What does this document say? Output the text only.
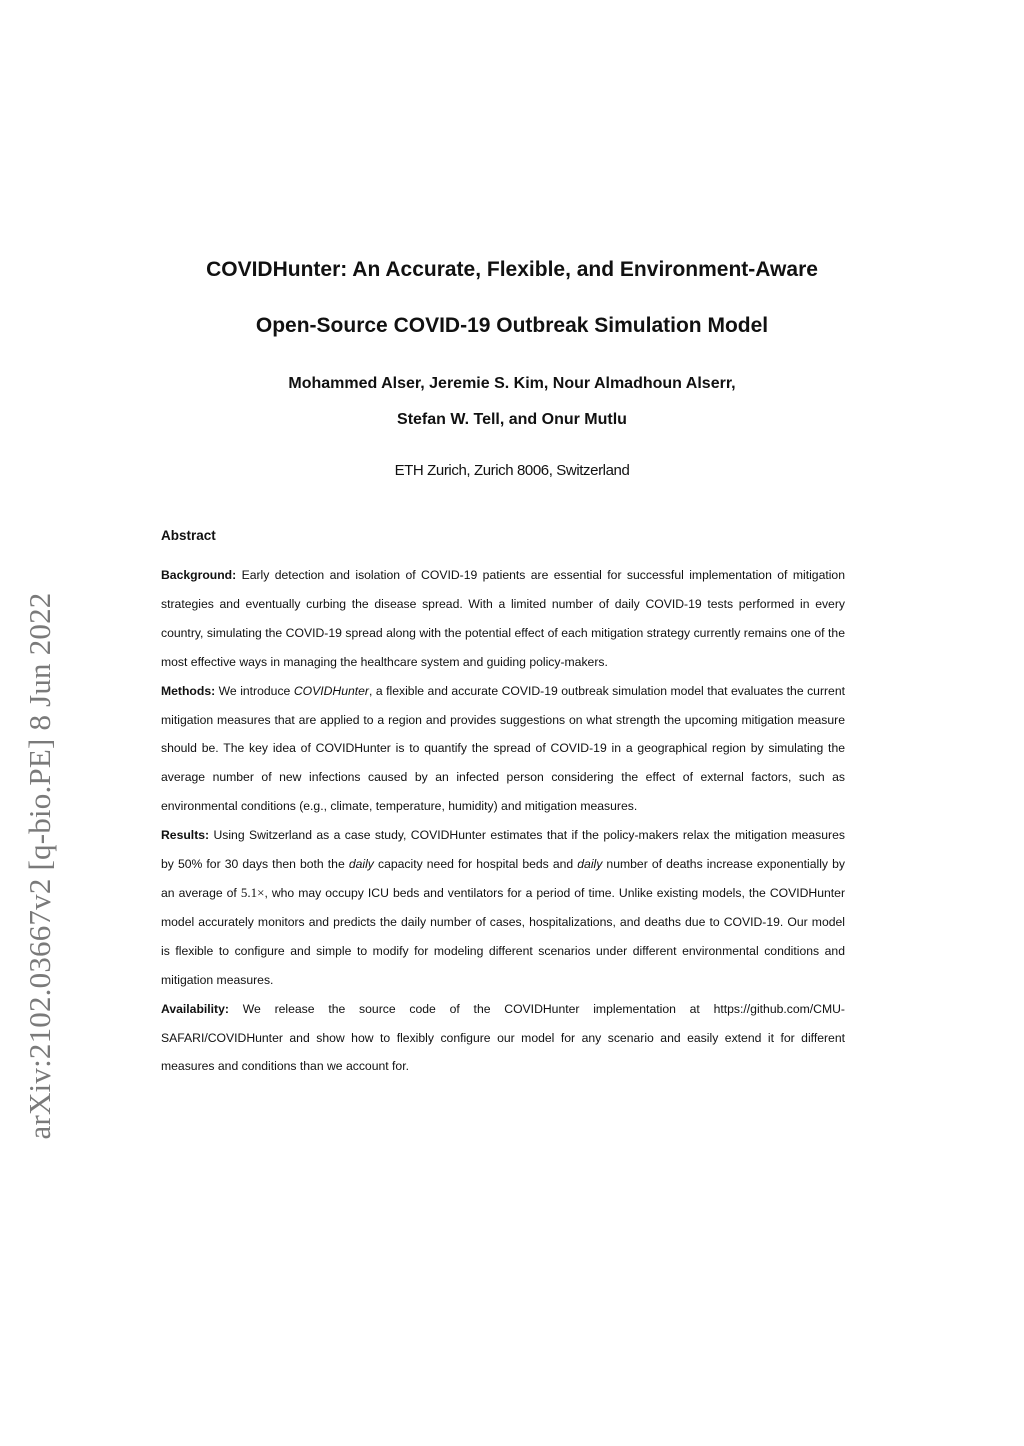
arXiv:2102.03667v2 [q-bio.PE] 8 Jun 2022
COVIDHunter: An Accurate, Flexible, and Environment-Aware
Open-Source COVID-19 Outbreak Simulation Model
Mohammed Alser, Jeremie S. Kim, Nour Almadhoun Alserr,
Stefan W. Tell, and Onur Mutlu
ETH Zurich, Zurich 8006, Switzerland
Abstract

Background: Early detection and isolation of COVID-19 patients are essential for successful implementation of mitigation strategies and eventually curbing the disease spread. With a limited number of daily COVID-19 tests performed in every country, simulating the COVID-19 spread along with the potential effect of each mitigation strategy currently remains one of the most effective ways in managing the healthcare system and guiding policy-makers.

Methods: We introduce COVIDHunter, a flexible and accurate COVID-19 outbreak simulation model that evaluates the current mitigation measures that are applied to a region and provides suggestions on what strength the upcoming mitigation measure should be. The key idea of COVIDHunter is to quantify the spread of COVID-19 in a geographical region by simulating the average number of new infections caused by an infected person considering the effect of external factors, such as environmental conditions (e.g., climate, temperature, humidity) and mitigation measures.

Results: Using Switzerland as a case study, COVIDHunter estimates that if the policy-makers relax the mitigation measures by 50% for 30 days then both the daily capacity need for hospital beds and daily number of deaths increase exponentially by an average of 5.1×, who may occupy ICU beds and ventilators for a period of time. Unlike existing models, the COVIDHunter model accurately monitors and predicts the daily number of cases, hospitalizations, and deaths due to COVID-19. Our model is flexible to configure and simple to modify for modeling different scenarios under different environmental conditions and mitigation measures.

Availability: We release the source code of the COVIDHunter implementation at https://github.com/CMU-SAFARI/COVIDHunter and show how to flexibly configure our model for any scenario and easily extend it for different measures and conditions than we account for.
